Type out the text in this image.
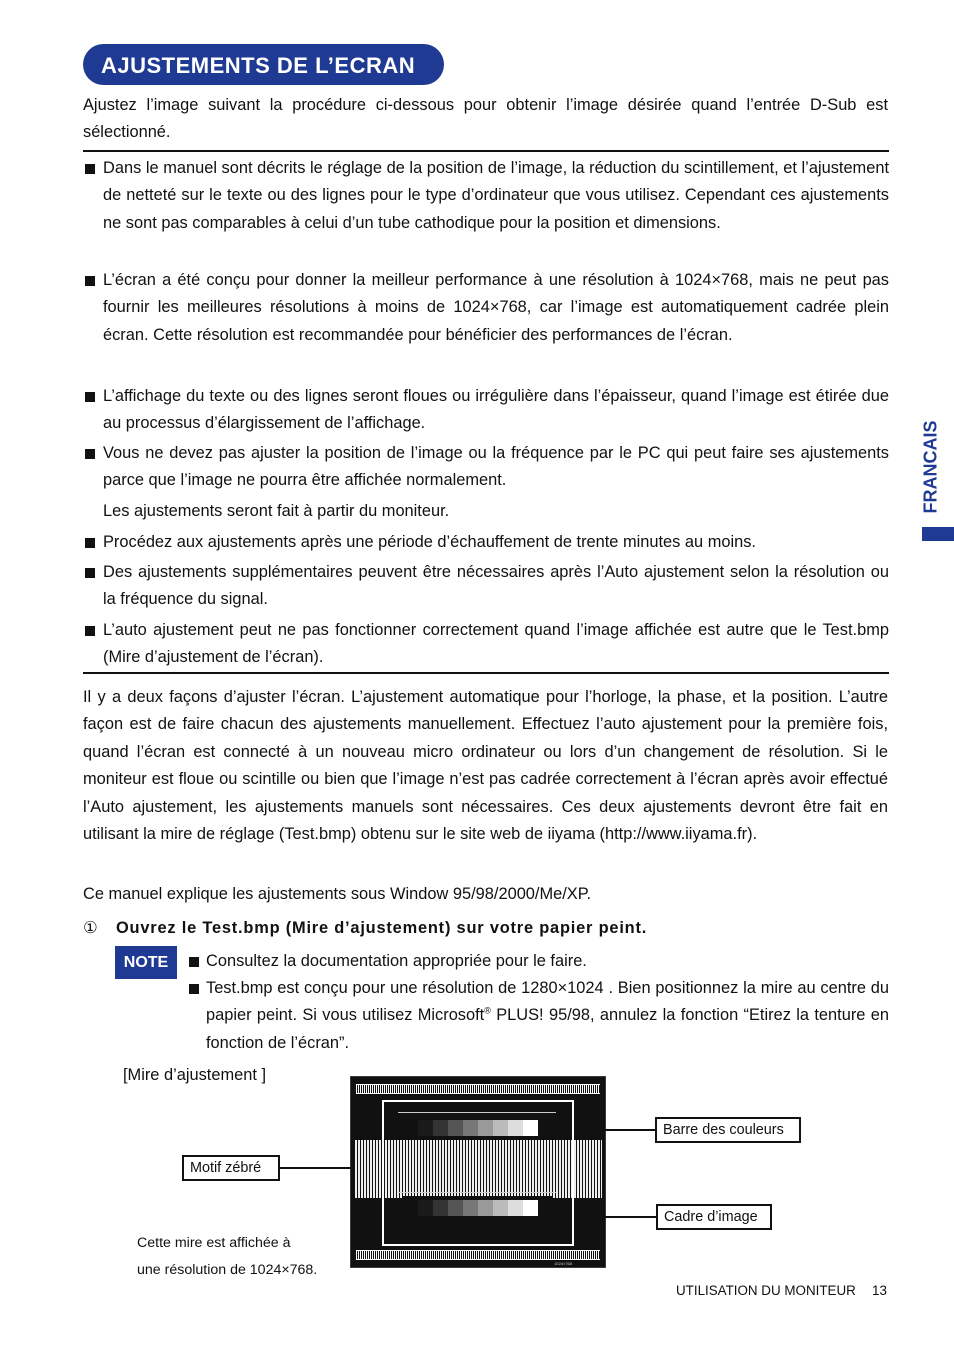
AJUSTEMENTS DE L’ECRAN
FRANCAIS

Ajustez l’image suivant la procédure ci-dessous pour obtenir l’image désirée quand l’entrée D-Sub est sélectionné.

Dans le manuel sont décrits le réglage de la position de l’image, la réduction du scintillement, et l’ajustement de netteté sur le texte ou des lignes pour le type d’ordinateur que vous utilisez. Cependant ces ajustements ne sont pas comparables à celui d’un tube cathodique pour la position et dimensions.
L’écran a été conçu pour donner la meilleur performance à une résolution à 1024×768, mais ne peut pas fournir les meilleures résolutions à moins de 1024×768, car l’image est automatiquement cadrée plein écran. Cette résolution est recommandée pour bénéficier des performances de l’écran.
L’affichage du texte ou des lignes seront floues ou irrégulière dans l’épaisseur, quand l’image est étirée due au processus d’élargissement de l’affichage.
Vous ne devez pas ajuster la position de l’image ou la fréquence par le PC qui peut faire ses ajustements parce que l’image ne pourra être affichée normalement.
Les ajustements seront fait à partir du moniteur.
Procédez aux ajustements après une période d’échauffement de trente minutes au moins.
Des ajustements supplémentaires peuvent être nécessaires après l’Auto ajustement selon la résolution ou la fréquence du signal.
L’auto ajustement peut ne pas fonctionner correctement quand l’image affichée est autre que le Test.bmp (Mire d’ajustement de l’écran).

Il y a deux façons d’ajuster l’écran. L’ajustement automatique pour l’horloge, la phase, et la position. L’autre façon est de faire chacun des ajustements manuellement. Effectuez l’auto ajustement pour la première fois, quand l’écran est connecté à un nouveau micro ordinateur ou lors d’un changement de résolution. Si le moniteur est floue ou scintille ou bien que l’image n’est pas cadrée correctement à l’écran après avoir effectué l’Auto ajustement, les ajustements manuels sont nécessaires. Ces deux ajustements devront être fait en utilisant la mire de réglage (Test.bmp) obtenu sur le site web de iiyama (http://www.iiyama.fr).

Ce manuel explique les ajustements sous Window 95/98/2000/Me/XP.

① Ouvrez le Test.bmp (Mire d’ajustement) sur votre papier peint.
NOTE	Consultez la documentation appropriée pour le faire.
Test.bmp est conçu pour une résolution de 1280×1024 . Bien positionnez la mire au centre du papier peint. Si vous utilisez Microsoft® PLUS! 95/98, annulez la fonction “Etirez la tenture en fonction de l’écran”.
[Mire d’ajustement ]
1024×768
Motif zébré
Barre des couleurs
Cadre d’image
Cette mire est affichée à
une résolution de 1024×768.
UTILISATION DU MONITEUR 13
